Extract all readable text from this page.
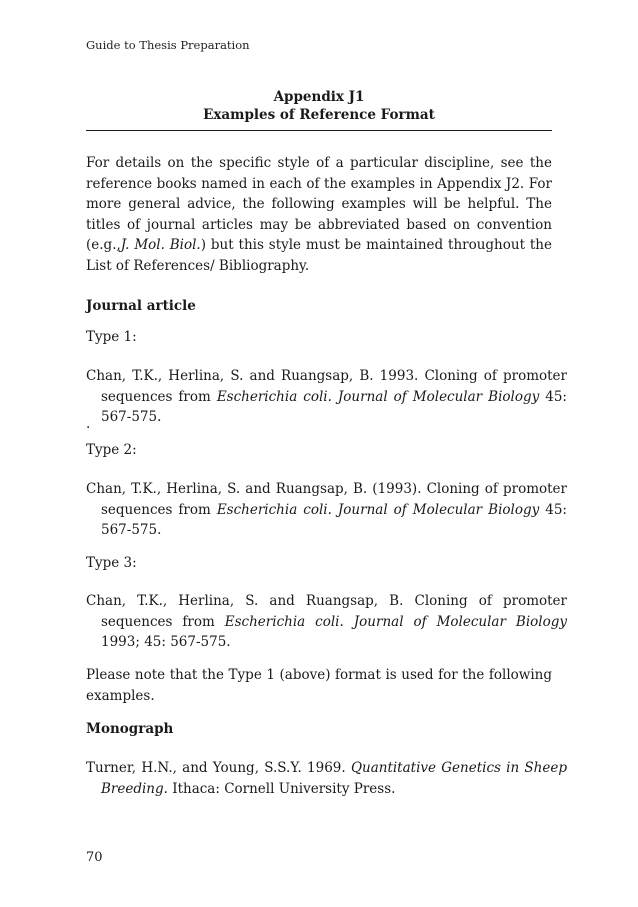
Guide to Thesis Preparation
Appendix J1
Examples of Reference Format

For details on the specific style of a particular discipline, see the reference books named in each of the examples in Appendix J2. For more general advice, the following examples will be helpful. The titles of journal articles may be abbreviated based on convention (e.g.,J. Mol. Biol.) but this style must be maintained throughout the List of References/ Bibliography.

Journal article

Type 1:

Chan, T.K., Herlina, S. and Ruangsap, B. 1993. Cloning of promoter sequences from Escherichia coli. Journal of Molecular Biology 45: 567-575.

.

Type 2:

Chan, T.K., Herlina, S. and Ruangsap, B. (1993). Cloning of promoter sequences from Escherichia coli. Journal of Molecular Biology 45: 567-575.

Type 3:

Chan, T.K., Herlina, S. and Ruangsap, B. Cloning of promoter sequences from Escherichia coli. Journal of Molecular Biology 1993; 45: 567-575.

Please note that the Type 1 (above) format is used for the following examples.

Monograph

Turner, H.N., and Young, S.S.Y. 1969. Quantitative Genetics in Sheep Breeding. Ithaca: Cornell University Press.

70
